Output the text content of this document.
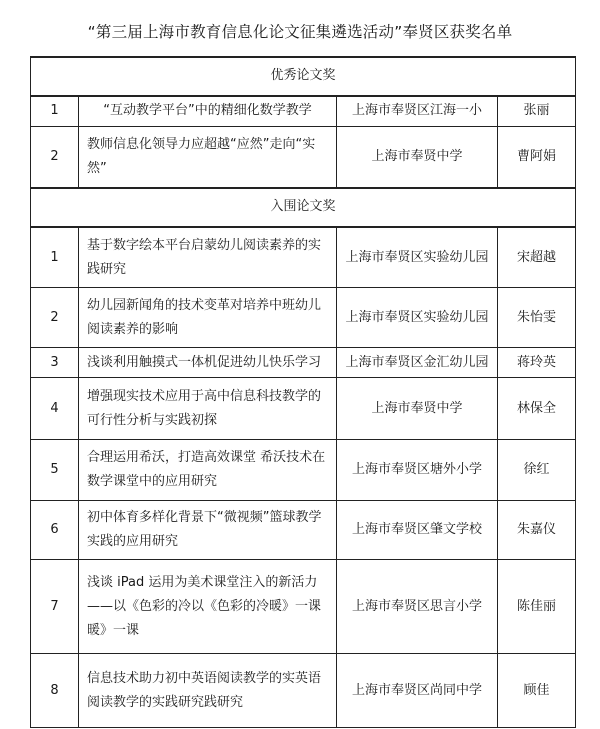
“第三届上海市教育信息化论文征集遴选活动”奉贤区获奖名单
优秀论文奖			
1	“互动教学平台”中的精细化数学教学	上海市奉贤区江海一小	张丽
2	教师信息化领导力应超越“应然”走向“实然”	上海市奉贤中学	曹阿娟
入围论文奖			
1	基于数字绘本平台启蒙幼儿阅读素养的实践研究	上海市奉贤区实验幼儿园	宋超越
2	幼儿园新闻角的技术变革对培养中班幼儿阅读素养的影响	上海市奉贤区实验幼儿园	朱怡雯
3	浅谈利用触摸式一体机促进幼儿快乐学习	上海市奉贤区金汇幼儿园	蒋玲英
4	增强现实技术应用于高中信息科技教学的可行性分析与实践初探	上海市奉贤中学	林保全
5	合理运用希沃，打造高效课堂 希沃技术在数学课堂中的应用研究	上海市奉贤区塘外小学	徐红
6	初中体育多样化背景下“微视频”篮球教学实践的应用研究	上海市奉贤区肇文学校	朱嘉仪
7	浅谈 iPad 运用为美术课堂注入的新活力——以《色彩的冷以《色彩的冷暖》一课暖》一课	上海市奉贤区思言小学	陈佳丽
8	信息技术助力初中英语阅读教学的实英语阅读教学的实践研究践研究	上海市奉贤区尚同中学	顾佳
